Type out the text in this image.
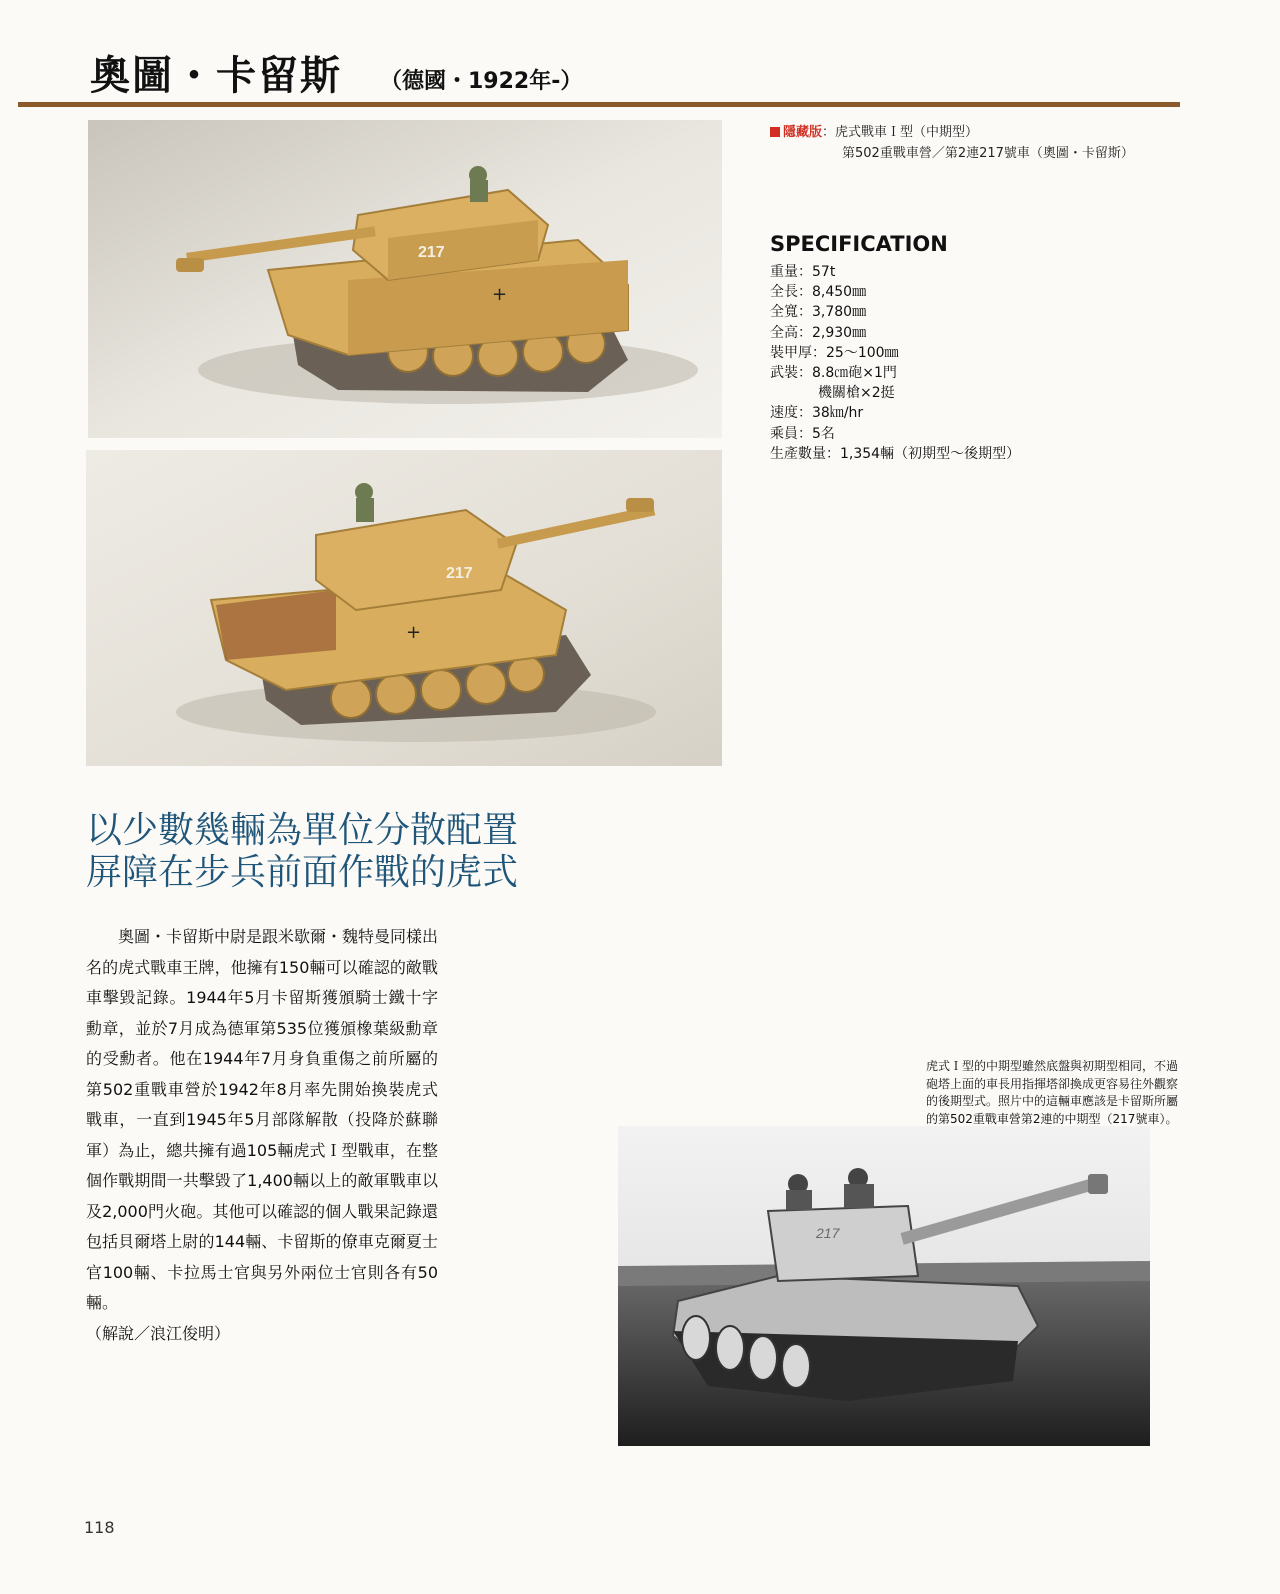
奧圖・卡留斯 （德國・1922年-）
217
+
217
+
隱藏版：虎式戰車Ｉ型（中期型）
第502重戰車營／第2連217號車（奧圖・卡留斯）
SPECIFICATION
重量：57t
全長：8,450㎜
全寬：3,780㎜
全高：2,930㎜
裝甲厚：25～100㎜
武裝：8.8㎝砲×1門
機關槍×2挺
速度：38㎞/hr
乘員：5名
生產數量：1,354輛（初期型～後期型）
以少數幾輛為單位分散配置
屏障在步兵前面作戰的虎式

奧圖・卡留斯中尉是跟米歇爾・魏特曼同樣出名的虎式戰車王牌，他擁有150輛可以確認的敵戰車擊毀記錄。1944年5月卡留斯獲頒騎士鐵十字勳章，並於7月成為德軍第535位獲頒橡葉級勳章的受勳者。他在1944年7月身負重傷之前所屬的第502重戰車營於1942年8月率先開始換裝虎式戰車，一直到1945年5月部隊解散（投降於蘇聯軍）為止，總共擁有過105輛虎式Ｉ型戰車，在整個作戰期間一共擊毀了1,400輛以上的敵軍戰車以及2,000門火砲。其他可以確認的個人戰果記錄還包括貝爾塔上尉的144輛、卡留斯的僚車克爾夏士官100輛、卡拉馬士官與另外兩位士官則各有50輛。

（解說／浪江俊明）

虎式Ｉ型的中期型雖然底盤與初期型相同，不過砲塔上面的車長用指揮塔卻換成更容易往外觀察的後期型式。照片中的這輛車應該是卡留斯所屬的第502重戰車營第2連的中期型（217號車）。
217
118
